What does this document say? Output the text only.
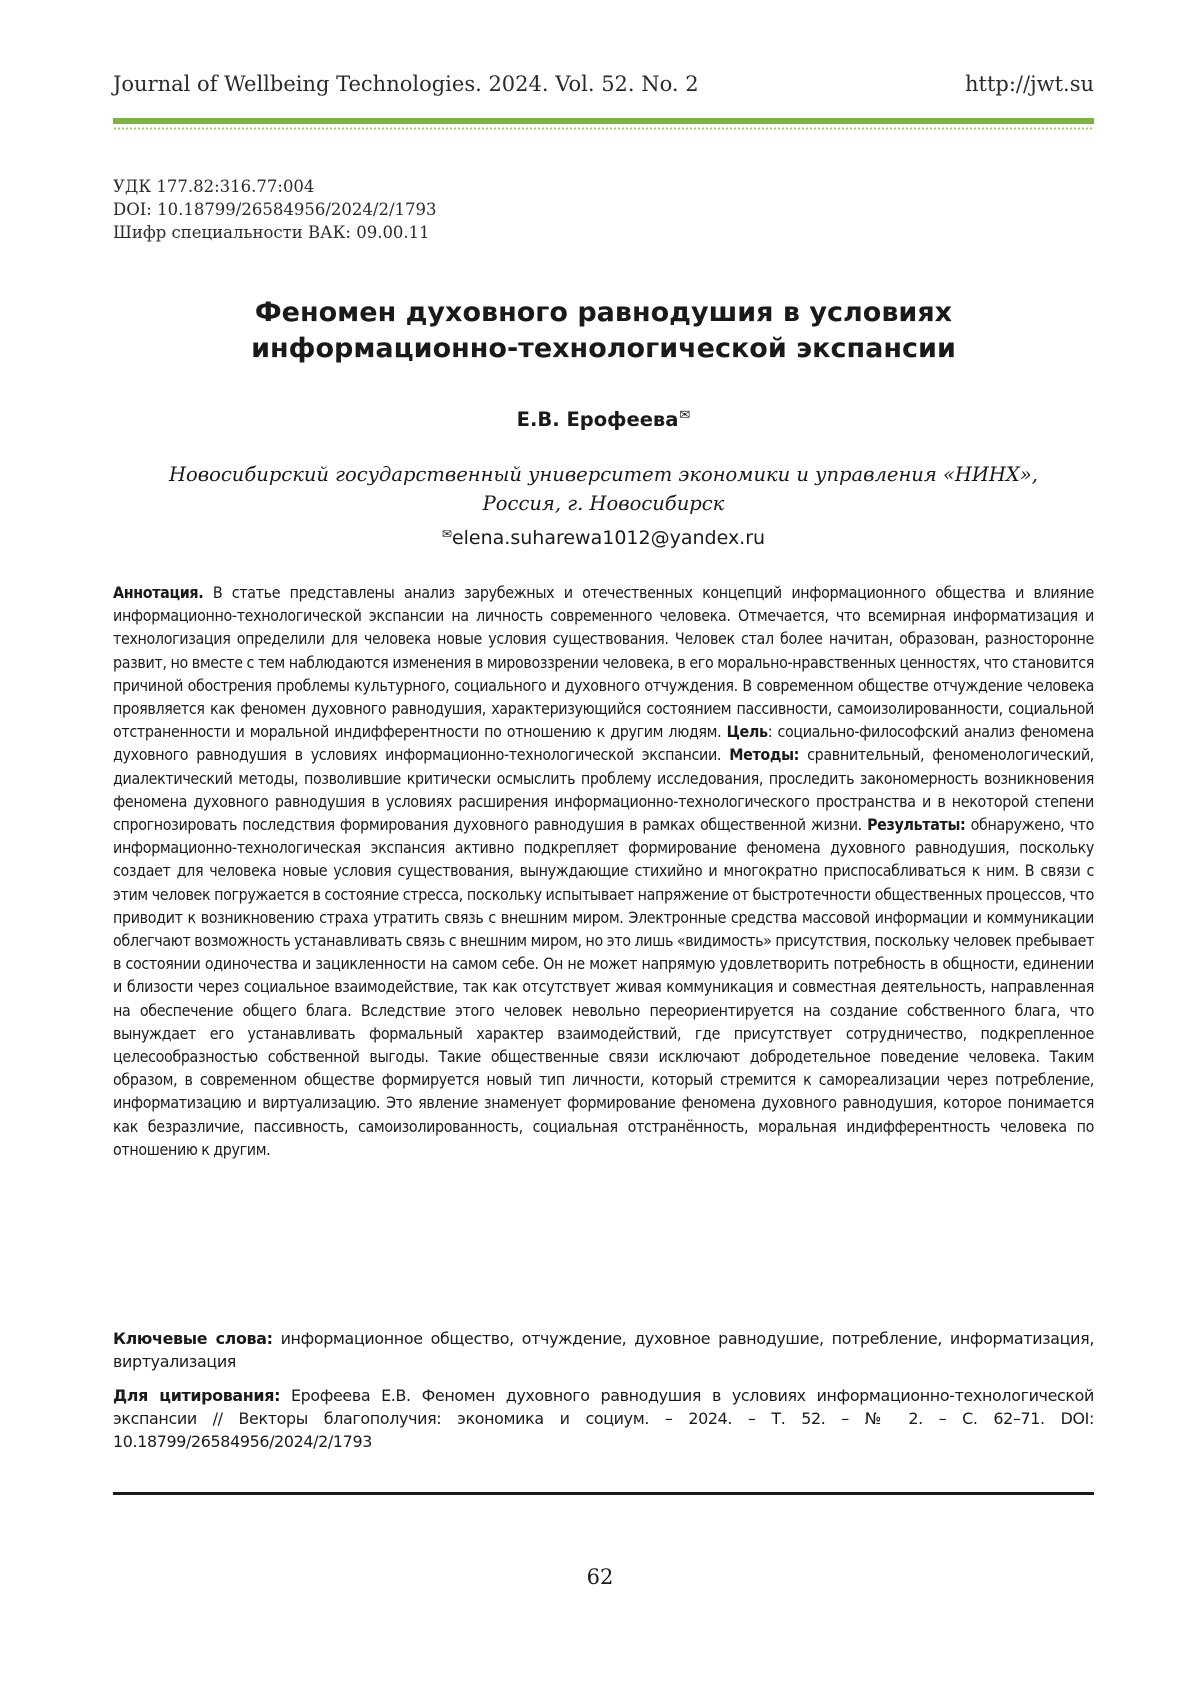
Journal of Wellbeing Technologies. 2024. Vol. 52. No. 2	http://jwt.su
УДК 177.82:316.77:004
DOI: 10.18799/26584956/2024/2/1793
Шифр специальности ВАК: 09.00.11
Феномен духовного равнодушия в условиях
информационно-технологической экспансии
Е.В. Ерофеева✉
Новосибирский государственный университет экономики и управления «НИНХ»,
Россия, г. Новосибирск
✉elena.suharewa1012@yandex.ru
Аннотация. В статье представлены анализ зарубежных и отечественных концепций информационного общества и влияние информационно-технологической экспансии на личность современного человека. Отмечается, что всемирная информатизация и технологизация определили для человека новые условия существования. Человек стал более начитан, образован, разносторонне развит, но вместе с тем наблюдаются изменения в мировоззрении человека, в его морально-нравственных ценностях, что становится причиной обострения проблемы культурного, социального и духовного отчуждения. В современном обществе отчуждение человека проявляется как феномен духовного равнодушия, характеризующийся состоянием пассивности, самоизолированности, социальной отстраненности и моральной индифферентности по отношению к другим людям. Цель: социально-философский анализ феномена духовного равнодушия в условиях информационно-технологической экспансии. Методы: сравнительный, феноменологический, диалектический методы, позволившие критически осмыслить проблему исследования, проследить закономерность возникновения феномена духовного равнодушия в условиях расширения информационно-технологического пространства и в некоторой степени спрогнозировать последствия формирования духовного равнодушия в рамках общественной жизни. Результаты: обнаружено, что информационно-технологическая экспансия активно подкрепляет формирование феномена духовного равнодушия, поскольку создает для человека новые условия существования, вынуждающие стихийно и многократно приспосабливаться к ним. В связи с этим человек погружается в состояние стресса, поскольку испытывает напряжение от быстротечности общественных процессов, что приводит к возникновению страха утратить связь с внешним миром. Электронные средства массовой информации и коммуникации облегчают возможность устанавливать связь с внешним миром, но это лишь «видимость» присутствия, поскольку человек пребывает в состоянии одиночества и зацикленности на самом себе. Он не может напрямую удовлетворить потребность в общности, единении и близости через социальное взаимодействие, так как отсутствует живая коммуникация и совместная деятельность, направленная на обеспечение общего блага. Вследствие этого человек невольно переориентируется на создание собственного блага, что вынуждает его устанавливать формальный характер взаимодействий, где присутствует сотрудничество, подкрепленное целесообразностью собственной выгоды. Такие общественные связи исключают добродетельное поведение человека. Таким образом, в современном обществе формируется новый тип личности, который стремится к самореализации через потребление, информатизацию и виртуализацию. Это явление знаменует формирование феномена духовного равнодушия, которое понимается как безразличие, пассивность, самоизолированность, социальная отстранённость, моральная индифферентность человека по отношению к другим.
Ключевые слова: информационное общество, отчуждение, духовное равнодушие, потребление, информатизация, виртуализация
Для цитирования: Ерофеева Е.В. Феномен духовного равнодушия в условиях информационно-технологической экспансии // Векторы благополучия: экономика и социум. – 2024. – Т. 52. – № 2. – С. 62–71. DOI: 10.18799/26584956/2024/2/1793
62
